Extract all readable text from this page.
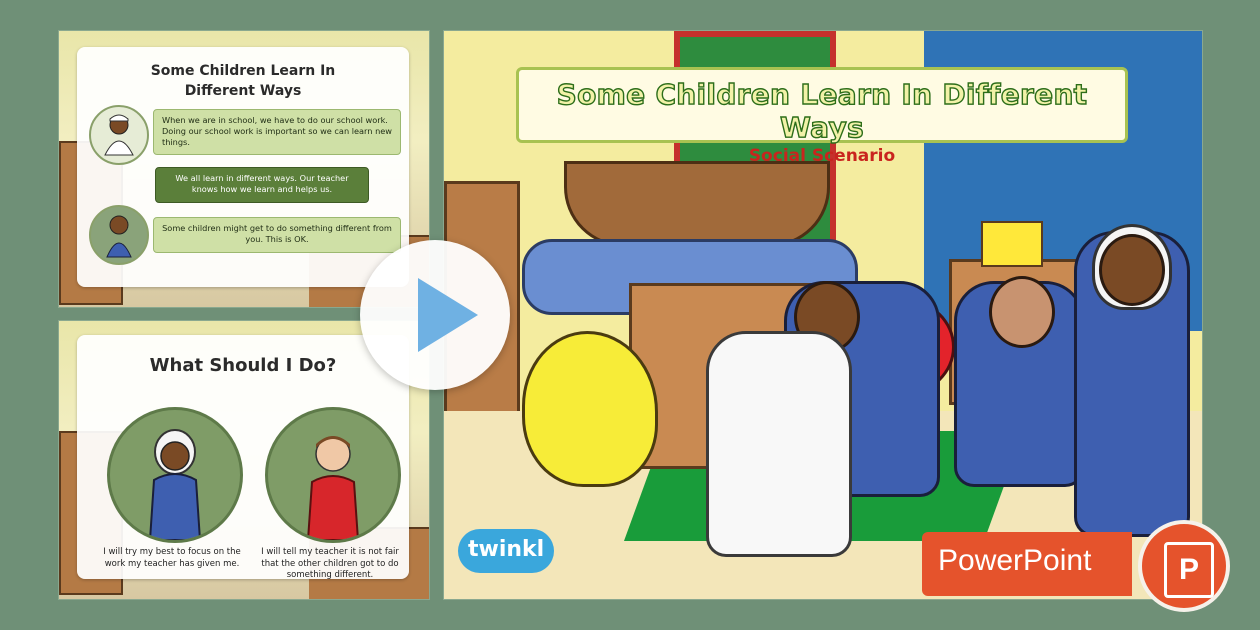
Some Children Learn In Different Ways
When we are in school, we have to do our school work. Doing our school work is important so we can learn new things.
We all learn in different ways. Our teacher knows how we learn and helps us.
Some children might get to do something different from you. This is OK.
What Should I Do?
I will try my best to focus on the work my teacher has given me.
I will tell my teacher it is not fair that the other children got to do something different.
Some Children Learn In Different Ways
Social Scenario
twinkl	PowerPoint	P
